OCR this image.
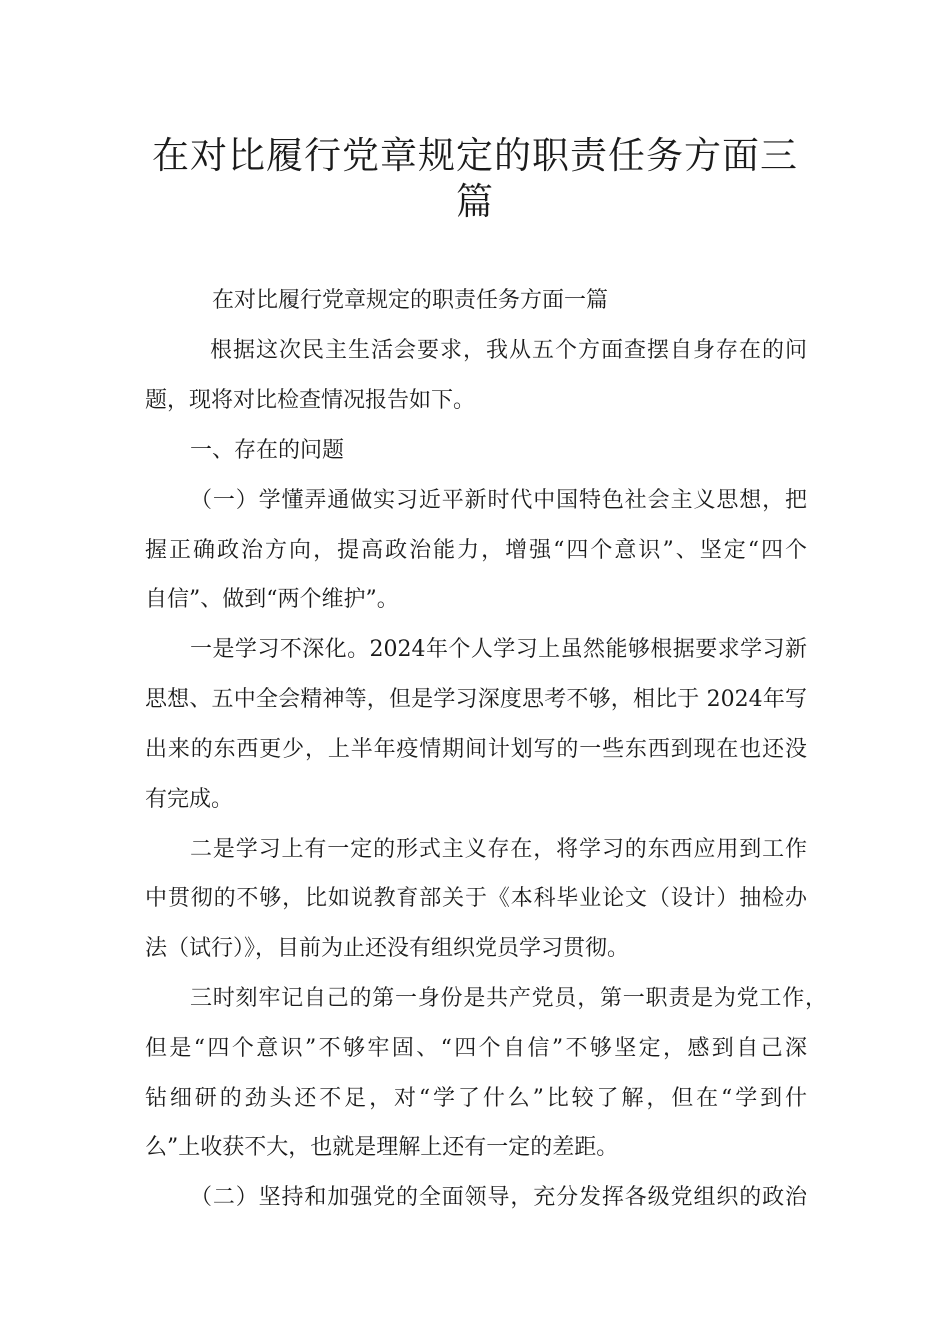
在对比履行党章规定的职责任务方面三
篇

在对比履行党章规定的职责任务方面一篇

根据这次民主生活会要求，我从五个方面查摆自身存在的问

题，现将对比检查情况报告如下。

一、存在的问题

（一）学懂弄通做实习近平新时代中国特色社会主义思想，把

握正确政治方向，提高政治能力，增强“四个意识”、坚定“四个

自信”、做到“两个维护”。

一是学习不深化。2024年个人学习上虽然能够根据要求学习新

思想、五中全会精神等，但是学习深度思考不够，相比于 2024年写

出来的东西更少，上半年疫情期间计划写的一些东西到现在也还没

有完成。

二是学习上有一定的形式主义存在，将学习的东西应用到工作

中贯彻的不够，比如说教育部关于《本科毕业论文（设计）抽检办

法（试行）》，目前为止还没有组织党员学习贯彻。

三时刻牢记自己的第一身份是共产党员，第一职责是为党工作，

但是“四个意识”不够牢固、“四个自信”不够坚定，感到自己深

钻细研的劲头还不足，对“学了什么”比较了解，但在“学到什

么”上收获不大，也就是理解上还有一定的差距。

（二）坚持和加强党的全面领导，充分发挥各级党组织的政治
